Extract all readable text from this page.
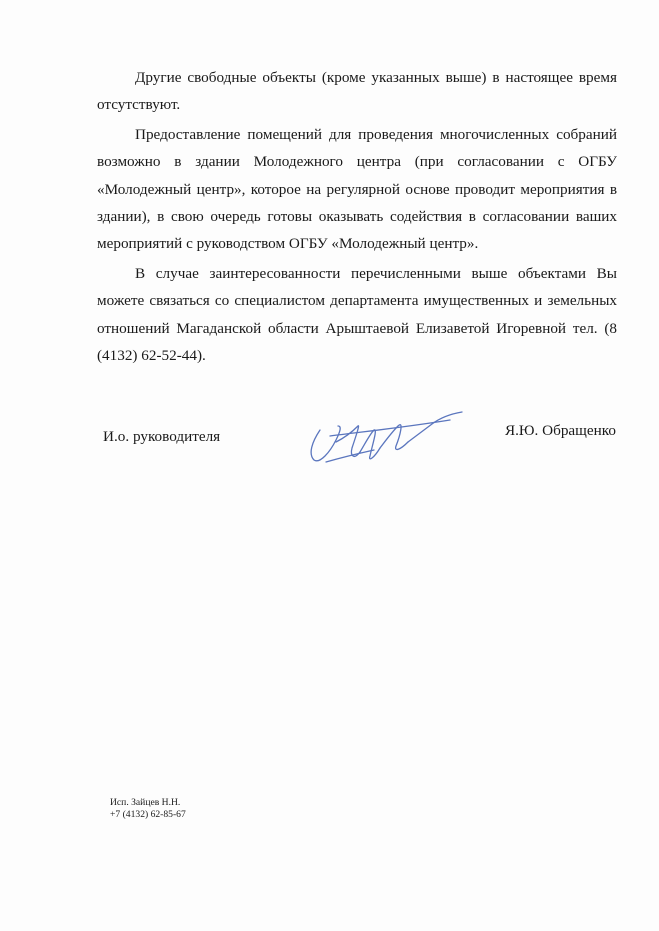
Другие свободные объекты (кроме указанных выше) в настоящее время отсутствуют.

Предоставление помещений для проведения многочисленных собраний возможно в здании Молодежного центра (при согласовании с ОГБУ «Молодежный центр», которое на регулярной основе проводит мероприятия в здании), в свою очередь готовы оказывать содействия в согласовании ваших мероприятий с руководством ОГБУ «Молодежный центр».

В случае заинтересованности перечисленными выше объектами Вы можете связаться со специалистом департамента имущественных и земельных отношений Магаданской области Арыштаевой Елизаветой Игоревной тел. (8 (4132) 62-52-44).

И.о. руководителя	Я.Ю. Обращенко
Исп. Зайцев Н.Н.
+7 (4132) 62-85-67
